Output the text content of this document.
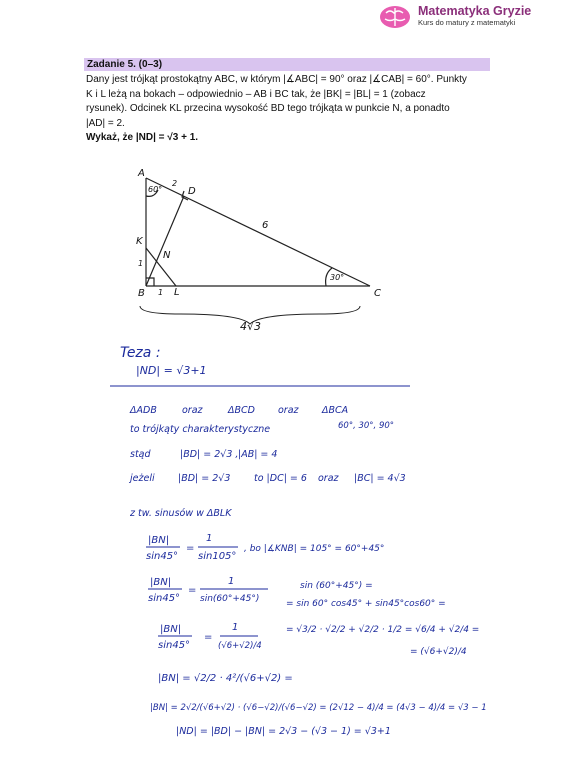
Matematyka Gryzie
Kurs do matury z matematyki
Zadanie 5. (0–3)

Dany jest trójkąt prostokątny ABC, w którym |∡ABC| = 90° oraz |∡CAB| = 60°. Punkty

K i L leżą na bokach – odpowiednio – AB i BC tak, że |BK| = |BL| = 1 (zobacz

rysunek). Odcinek KL przecina wysokość BD tego trójkąta w punkcie N, a ponadto

|AD| = 2.

Wykaż, że |ND| = √3 + 1.

A
B	C
D
K
N
L
60°
30°
2
6
1
1
4√3
Teza :
|ND| = √3+1
ΔADB	oraz	ΔBCD oraz ΔBCA
to trójkąty charakterystyczne	60°, 30°, 90°
stąd	|BD| = 2√3 , |AB| = 4
jeżeli |BD| = 2√3 to |DC| = 6 oraz |BC| = 4√3
z tw. sinusów w ΔBLK
|BN|
sin45°
=
1
sin105°
, bo |∡KNB| = 105° = 60°+45°
|BN|
sin45°
=
1
sin(60°+45°)
sin (60°+45°) =
= sin 60° cos45° + sin45°cos60° =
= √3/2 · √2/2 + √2/2 · 1/2 = √6/4 + √2/4 =
= (√6+√2)/4
|BN|
sin45°
=
1
(√6+√2)/4
|BN| = √2/2 · 4²/(√6+√2) =
|BN| = 2√2/(√6+√2) · (√6−√2)/(√6−√2) = (2√12 − 4)/4 = (4√3 − 4)/4 = √3 − 1
|ND| = |BD| − |BN| = 2√3 − (√3 − 1) = √3+1
